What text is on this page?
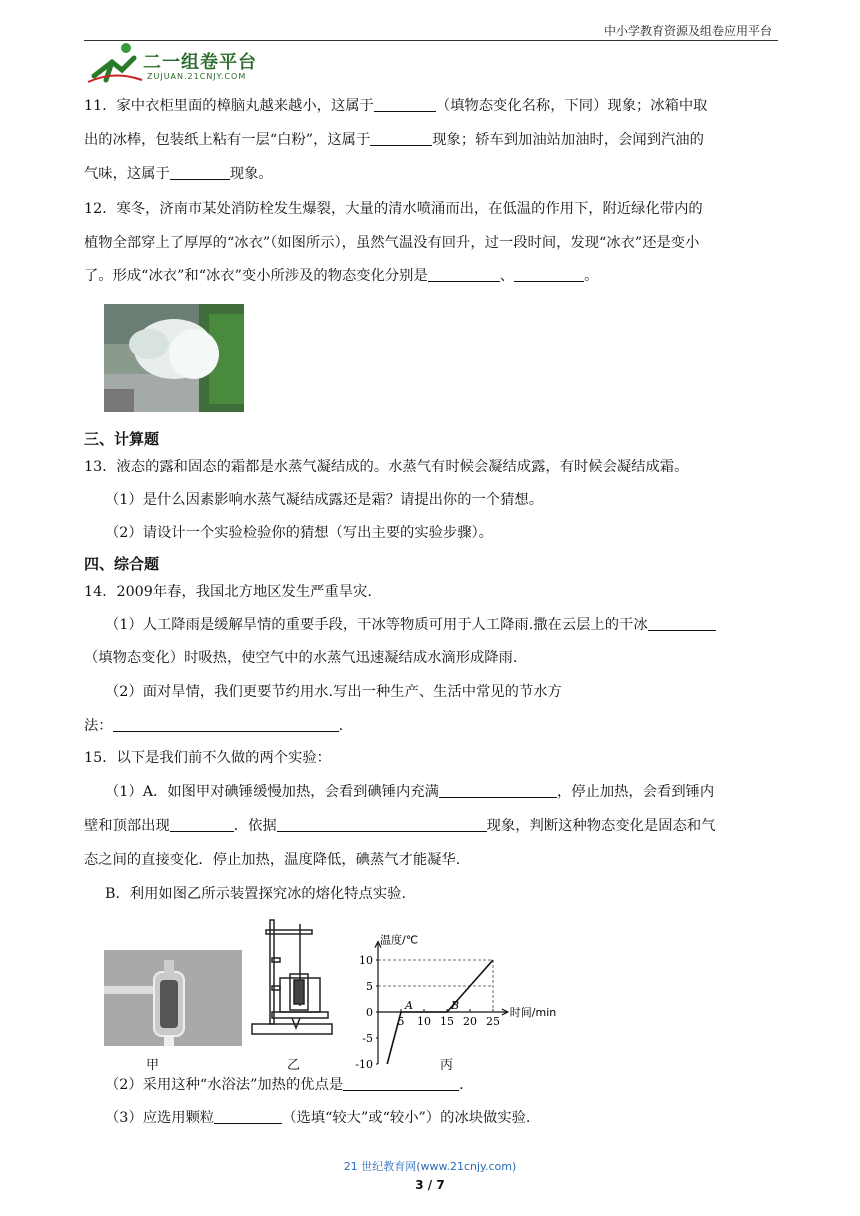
中小学教育资源及组卷应用平台
二一组卷平台
ZUJUAN.21CNJY.COM
11．家中衣柜里面的樟脑丸越来越小，这属于	（填物态变化名称，下同）现象；冰箱中取
出的冰棒，包装纸上粘有一层“白粉”，这属于	现象；轿车到加油站加油时，会闻到汽油的
气味，这属于	现象。
12．寒冬，济南市某处消防栓发生爆裂，大量的清水喷涌而出，在低温的作用下，附近绿化带内的
植物全部穿上了厚厚的“冰衣”（如图所示），虽然气温没有回升，过一段时间，发现“冰衣”还是变小
了。形成“冰衣”和“冰衣”变小所涉及的物态变化分别是	、	。
三、计算题
13．液态的露和固态的霜都是水蒸气凝结成的。水蒸气有时候会凝结成露，有时候会凝结成霜。
（1）是什么因素影响水蒸气凝结成露还是霜？请提出你的一个猜想。
（2）请设计一个实验检验你的猜想（写出主要的实验步骤）。
四、综合题
14．2009年春，我国北方地区发生严重旱灾.
（1）人工降雨是缓解旱情的重要手段，干冰等物质可用于人工降雨.撒在云层上的干冰
（填物态变化）时吸热，使空气中的水蒸气迅速凝结成水滴形成降雨.
（2）面对旱情，我们更要节约用水.写出一种生产、生活中常见的节水方
法：	.
15．以下是我们前不久做的两个实验：
（1）A．如图甲对碘锤缓慢加热，会看到碘锤内充满	，停止加热，会看到锤内
壁和顶部出现	．依据	现象，判断这种物态变化是固态和气
态之间的直接变化．停止加热，温度降低，碘蒸气才能凝华.
B．利用如图乙所示装置探究冰的熔化特点实验.
甲	乙
温度/℃
时间/min
10
5
0
-5
-10
5 10 15 20 25
A	B
丙
（2）采用这种“水浴法”加热的优点是	.
（3）应选用颗粒	（选填“较大”或“较小”）的冰块做实验.
21 世纪教育网(www.21cnjy.com)
3 / 7
